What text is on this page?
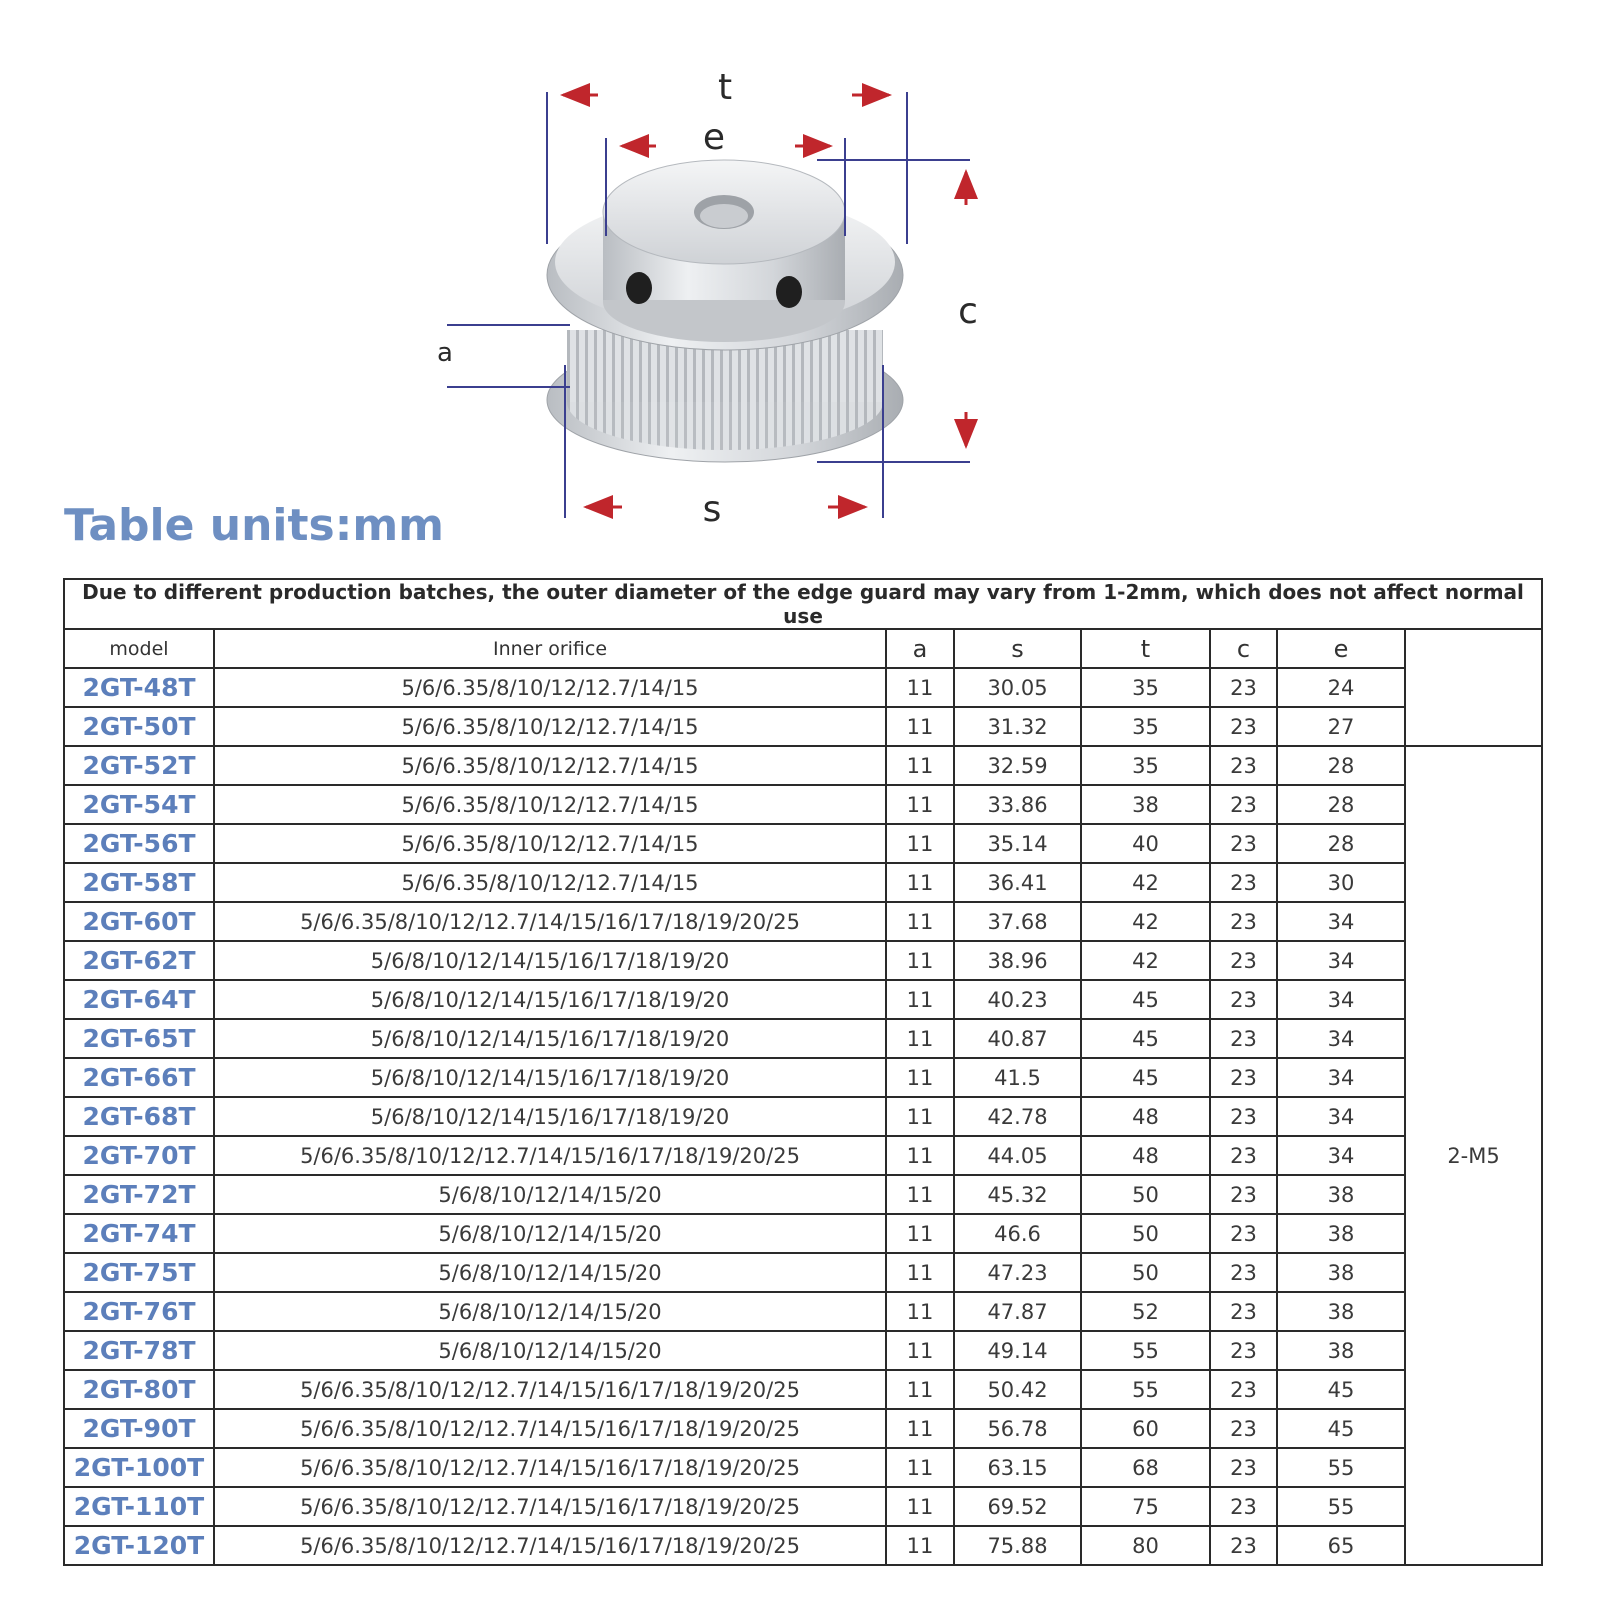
t
e
c
a
s
Table units:mm
Due to different production batches, the outer diameter of the edge guard may vary from 1-2mm, which does not affect normal use							
model	Inner orifice	a	s	t	c	e	
2GT-48T	5/6/6.35/8/10/12/12.7/14/15	11	30.05	35	23	24	
2GT-50T	5/6/6.35/8/10/12/12.7/14/15	11	31.32	35	23	27	
2GT-52T	5/6/6.35/8/10/12/12.7/14/15	11	32.59	35	23	28	2-M5
2GT-54T	5/6/6.35/8/10/12/12.7/14/15	11	33.86	38	23	28	
2GT-56T	5/6/6.35/8/10/12/12.7/14/15	11	35.14	40	23	28	
2GT-58T	5/6/6.35/8/10/12/12.7/14/15	11	36.41	42	23	30	
2GT-60T	5/6/6.35/8/10/12/12.7/14/15/16/17/18/19/20/25	11	37.68	42	23	34	
2GT-62T	5/6/8/10/12/14/15/16/17/18/19/20	11	38.96	42	23	34	
2GT-64T	5/6/8/10/12/14/15/16/17/18/19/20	11	40.23	45	23	34	
2GT-65T	5/6/8/10/12/14/15/16/17/18/19/20	11	40.87	45	23	34	
2GT-66T	5/6/8/10/12/14/15/16/17/18/19/20	11	41.5	45	23	34	
2GT-68T	5/6/8/10/12/14/15/16/17/18/19/20	11	42.78	48	23	34	
2GT-70T	5/6/6.35/8/10/12/12.7/14/15/16/17/18/19/20/25	11	44.05	48	23	34	
2GT-72T	5/6/8/10/12/14/15/20	11	45.32	50	23	38	
2GT-74T	5/6/8/10/12/14/15/20	11	46.6	50	23	38	
2GT-75T	5/6/8/10/12/14/15/20	11	47.23	50	23	38	
2GT-76T	5/6/8/10/12/14/15/20	11	47.87	52	23	38	
2GT-78T	5/6/8/10/12/14/15/20	11	49.14	55	23	38	
2GT-80T	5/6/6.35/8/10/12/12.7/14/15/16/17/18/19/20/25	11	50.42	55	23	45	
2GT-90T	5/6/6.35/8/10/12/12.7/14/15/16/17/18/19/20/25	11	56.78	60	23	45	
2GT-100T	5/6/6.35/8/10/12/12.7/14/15/16/17/18/19/20/25	11	63.15	68	23	55	
2GT-110T	5/6/6.35/8/10/12/12.7/14/15/16/17/18/19/20/25	11	69.52	75	23	55	
2GT-120T	5/6/6.35/8/10/12/12.7/14/15/16/17/18/19/20/25	11	75.88	80	23	65	
